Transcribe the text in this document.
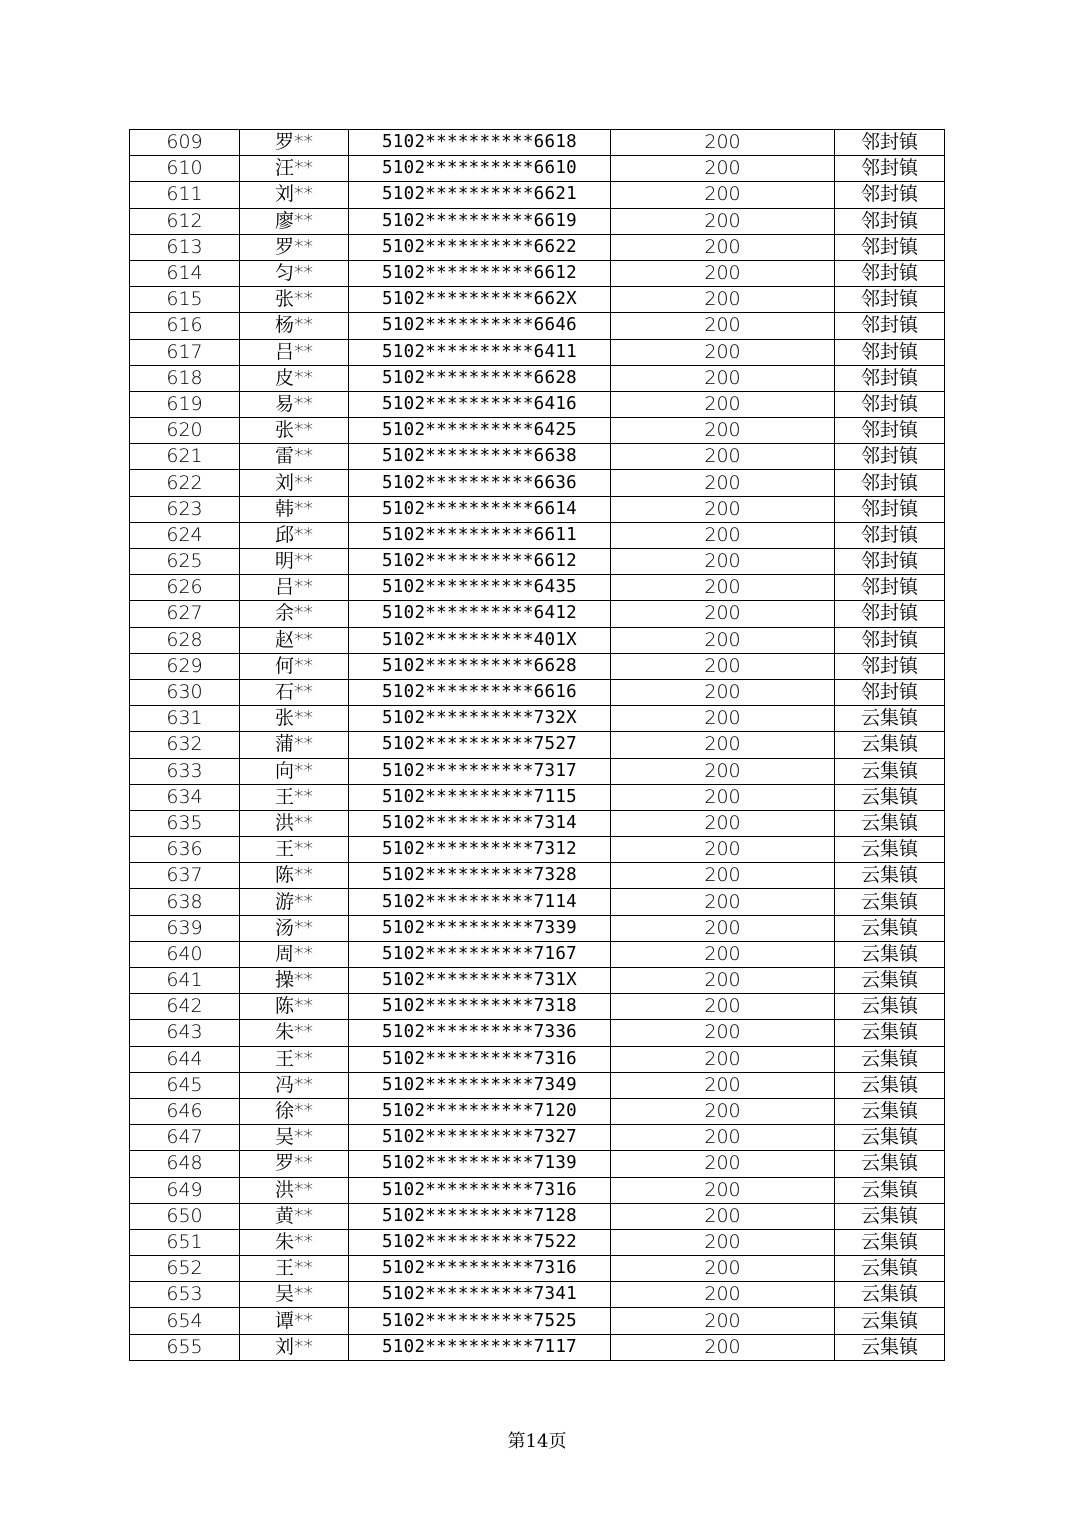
609	罗**	5102**********6618	200	邻封镇
610	汪**	5102**********6610	200	邻封镇
611	刘**	5102**********6621	200	邻封镇
612	廖**	5102**********6619	200	邻封镇
613	罗**	5102**********6622	200	邻封镇
614	匀**	5102**********6612	200	邻封镇
615	张**	5102**********662X	200	邻封镇
616	杨**	5102**********6646	200	邻封镇
617	吕**	5102**********6411	200	邻封镇
618	皮**	5102**********6628	200	邻封镇
619	易**	5102**********6416	200	邻封镇
620	张**	5102**********6425	200	邻封镇
621	雷**	5102**********6638	200	邻封镇
622	刘**	5102**********6636	200	邻封镇
623	韩**	5102**********6614	200	邻封镇
624	邱**	5102**********6611	200	邻封镇
625	明**	5102**********6612	200	邻封镇
626	吕**	5102**********6435	200	邻封镇
627	余**	5102**********6412	200	邻封镇
628	赵**	5102**********401X	200	邻封镇
629	何**	5102**********6628	200	邻封镇
630	石**	5102**********6616	200	邻封镇
631	张**	5102**********732X	200	云集镇
632	蒲**	5102**********7527	200	云集镇
633	向**	5102**********7317	200	云集镇
634	王**	5102**********7115	200	云集镇
635	洪**	5102**********7314	200	云集镇
636	王**	5102**********7312	200	云集镇
637	陈**	5102**********7328	200	云集镇
638	游**	5102**********7114	200	云集镇
639	汤**	5102**********7339	200	云集镇
640	周**	5102**********7167	200	云集镇
641	操**	5102**********731X	200	云集镇
642	陈**	5102**********7318	200	云集镇
643	朱**	5102**********7336	200	云集镇
644	王**	5102**********7316	200	云集镇
645	冯**	5102**********7349	200	云集镇
646	徐**	5102**********7120	200	云集镇
647	吴**	5102**********7327	200	云集镇
648	罗**	5102**********7139	200	云集镇
649	洪**	5102**********7316	200	云集镇
650	黄**	5102**********7128	200	云集镇
651	朱**	5102**********7522	200	云集镇
652	王**	5102**********7316	200	云集镇
653	吴**	5102**********7341	200	云集镇
654	谭**	5102**********7525	200	云集镇
655	刘**	5102**********7117	200	云集镇
第14页
